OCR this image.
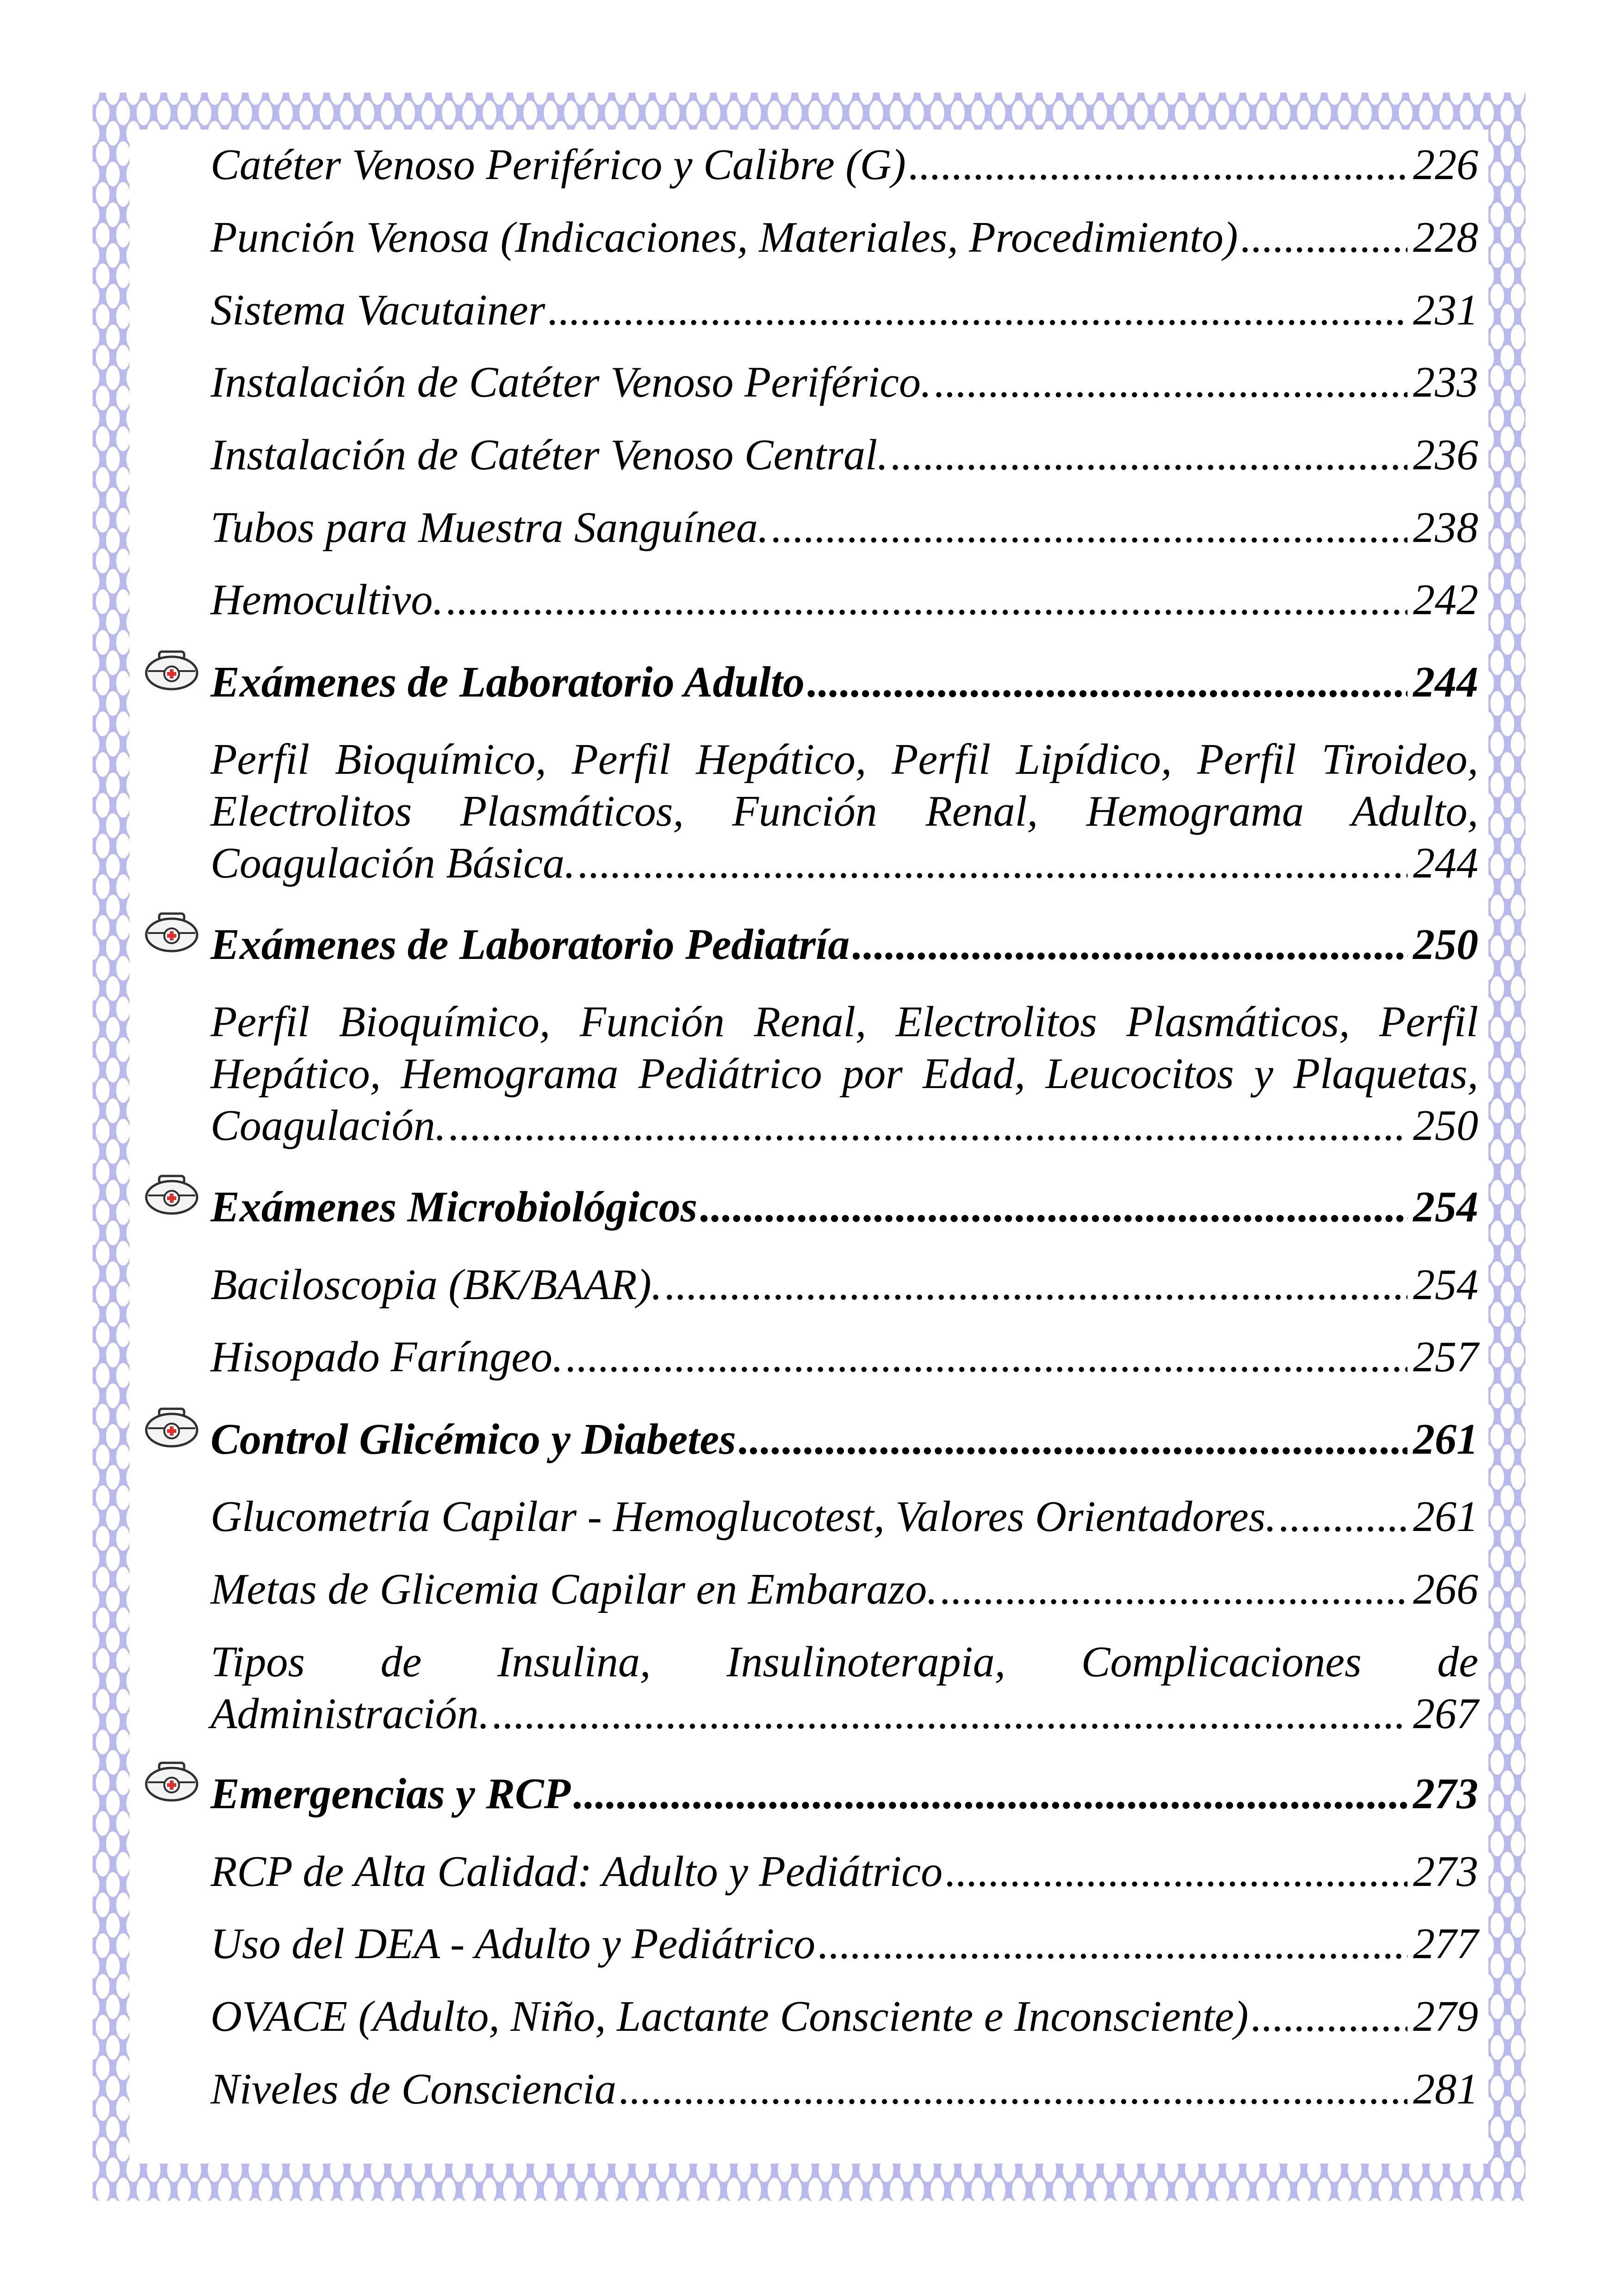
Catéter Venoso Periférico y Calibre (G) .....	226
Punción Venosa (Indicaciones, Materiales, Procedimiento) .....	228
Sistema Vacutainer .....	231
Instalación de Catéter Venoso Periférico. .....	233
Instalación de Catéter Venoso Central. .....	236
Tubos para Muestra Sanguínea. .....	238
Hemocultivo. .....	242
Exámenes de Laboratorio Adulto .....	244
Perfil Bioquímico, Perfil Hepático, Perfil Lipídico, Perfil Tiroideo,
Electrolitos Plasmáticos, Función Renal, Hemograma Adulto,
Coagulación Básica. .....	244
Exámenes de Laboratorio Pediatría .....	250
Perfil Bioquímico, Función Renal, Electrolitos Plasmáticos, Perfil
Hepático, Hemograma Pediátrico por Edad, Leucocitos y Plaquetas,
Coagulación. .....	250
Exámenes Microbiológicos .....	254
Baciloscopia (BK/BAAR). .....	254
Hisopado Faríngeo. .....	257
Control Glicémico y Diabetes .....	261
Glucometría Capilar - Hemoglucotest, Valores Orientadores. .....	261
Metas de Glicemia Capilar en Embarazo. .....	266
Tipos de Insulina, Insulinoterapia, Complicaciones de
Administración. .....	267
Emergencias y RCP .....	273
RCP de Alta Calidad: Adulto y Pediátrico .....	273
Uso del DEA - Adulto y Pediátrico .....	277
OVACE (Adulto, Niño, Lactante Consciente e Inconsciente) .....	279
Niveles de Consciencia .....	281
